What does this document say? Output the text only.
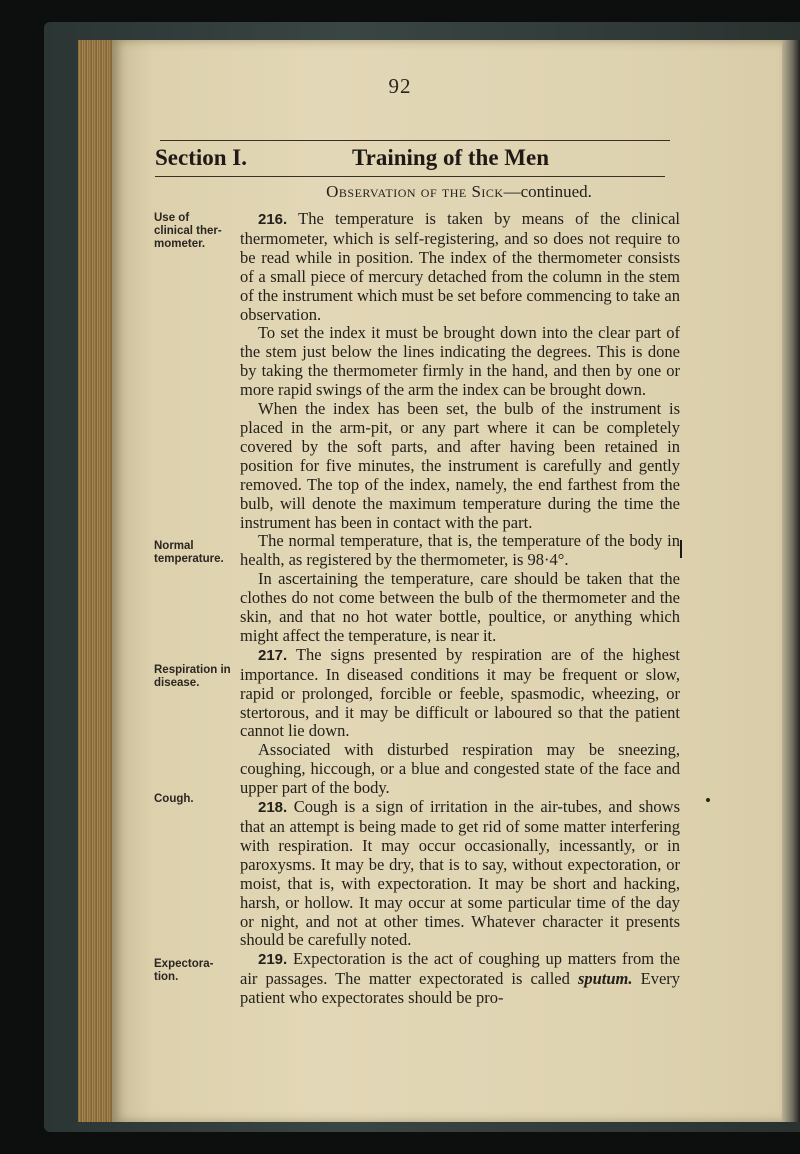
92
Section I.	Training of the Men
Observation of the Sick—continued.
Use of clinical ther- mometer.
Normal temperature.
Respiration in disease.
Cough.
Expectora- tion.

216. The temperature is taken by means of the clinical thermometer, which is self-registering, and so does not require to be read while in position. The index of the thermometer consists of a small piece of mercury detached from the column in the stem of the instrument which must be set before commencing to take an observation.

To set the index it must be brought down into the clear part of the stem just below the lines indicating the degrees. This is done by taking the thermometer firmly in the hand, and then by one or more rapid swings of the arm the index can be brought down.

When the index has been set, the bulb of the instrument is placed in the arm-pit, or any part where it can be completely covered by the soft parts, and after having been retained in position for five minutes, the instrument is carefully and gently removed. The top of the index, namely, the end farthest from the bulb, will denote the maximum temperature during the time the instrument has been in contact with the part.

The normal temperature, that is, the temperature of the body in health, as registered by the thermometer, is 98·4°.

In ascertaining the temperature, care should be taken that the clothes do not come between the bulb of the thermometer and the skin, and that no hot water bottle, poultice, or anything which might affect the temperature, is near it.

217. The signs presented by respiration are of the highest importance. In diseased conditions it may be frequent or slow, rapid or prolonged, forcible or feeble, spasmodic, wheezing, or stertorous, and it may be difficult or laboured so that the patient cannot lie down.

Associated with disturbed respiration may be sneezing, coughing, hiccough, or a blue and congested state of the face and upper part of the body.

218. Cough is a sign of irritation in the air-tubes, and shows that an attempt is being made to get rid of some matter interfering with respiration. It may occur occasionally, incessantly, or in paroxysms. It may be dry, that is to say, without expectoration, or moist, that is, with expectoration. It may be short and hacking, harsh, or hollow. It may occur at some particular time of the day or night, and not at other times. Whatever character it presents should be carefully noted.

219. Expectoration is the act of coughing up matters from the air passages. The matter expectorated is called sputum. Every patient who expectorates should be pro-
